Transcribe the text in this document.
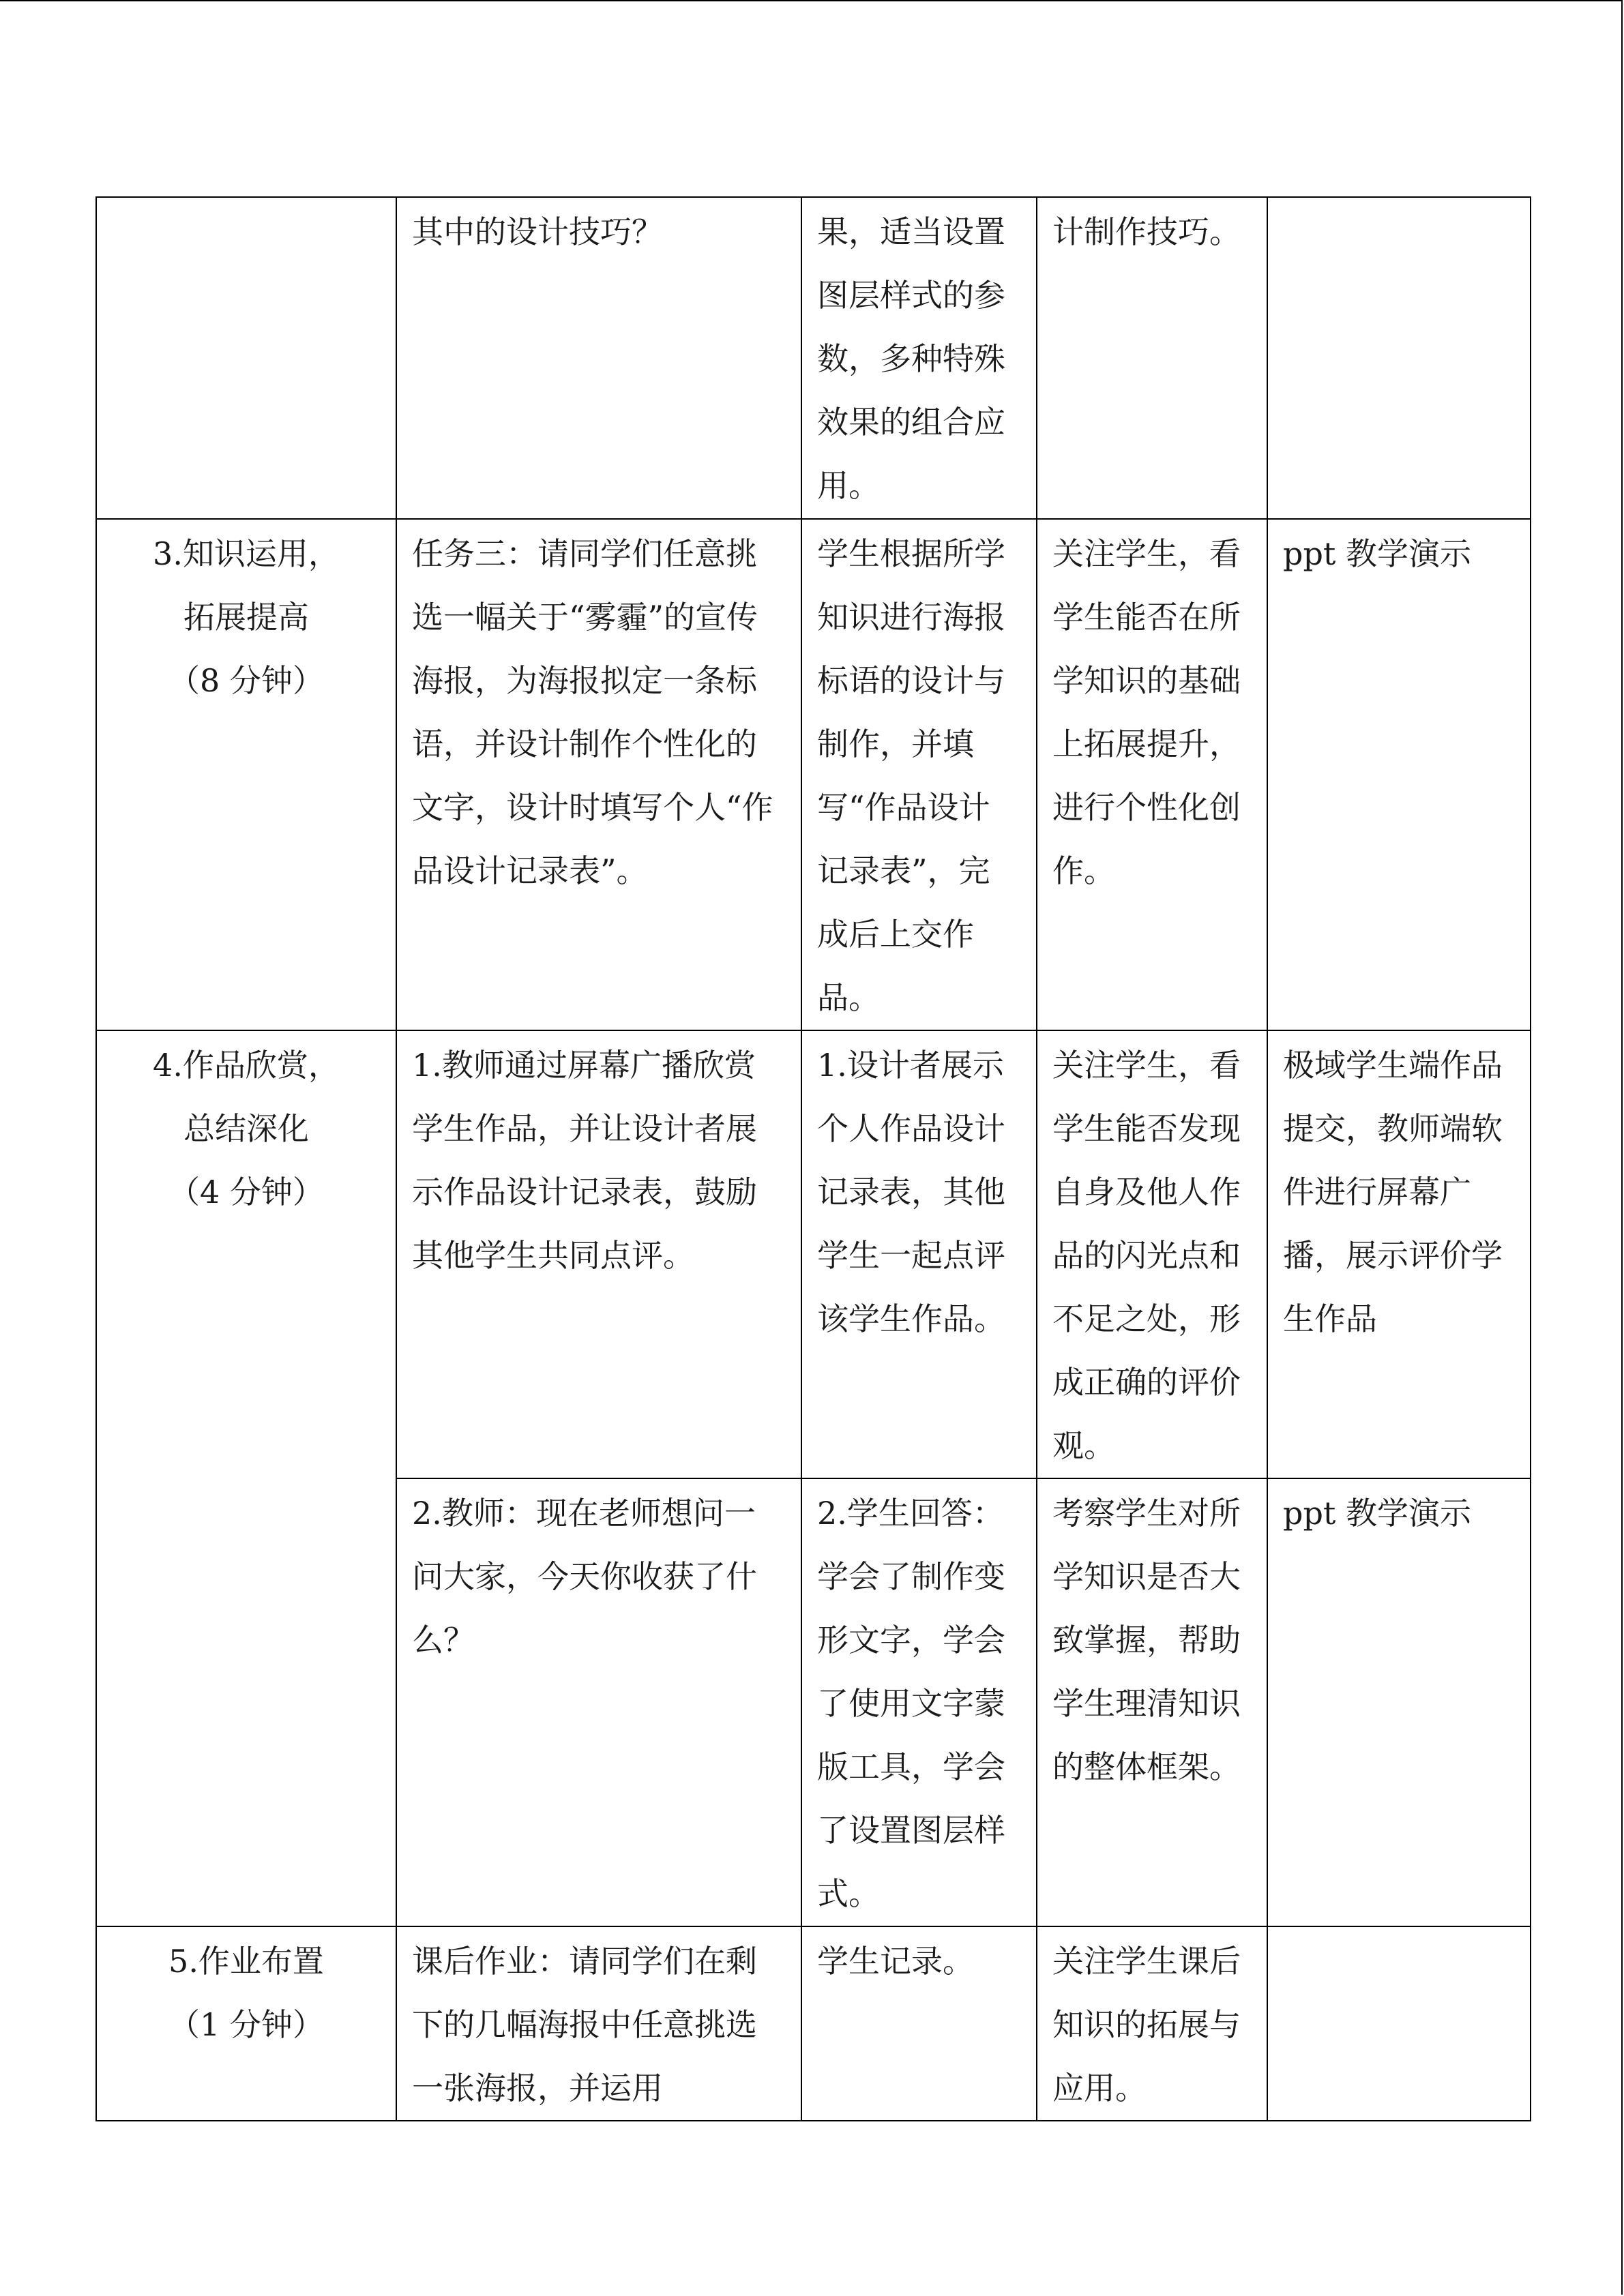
	其中的设计技巧？	果，适当设置图层样式的参数，多种特殊效果的组合应用。	计制作技巧。	

3.知识运用，
拓展提高
（8 分钟）	任务三：请同学们任意挑选一幅关于“雾霾”的宣传海报，为海报拟定一条标语，并设计制作个性化的文字，设计时填写个人“作品设计记录表”。	学生根据所学知识进行海报标语的设计与制作，并填写“作品设计记录表”，完成后上交作品。	关注学生，看学生能否在所学知识的基础上拓展提升，进行个性化创作。	ppt 教学演示

4.作品欣赏，
总结深化
（4 分钟）	1.教师通过屏幕广播欣赏学生作品，并让设计者展示作品设计记录表，鼓励其他学生共同点评。	1.设计者展示个人作品设计记录表，其他学生一起点评该学生作品。	关注学生，看学生能否发现自身及他人作品的闪光点和不足之处，形成正确的评价观。	极域学生端作品提交，教师端软件进行屏幕广播，展示评价学生作品
	2.教师：现在老师想问一问大家，今天你收获了什么？	2.学生回答：学会了制作变形文字，学会了使用文字蒙版工具，学会了设置图层样式。	考察学生对所学知识是否大致掌握，帮助学生理清知识的整体框架。	ppt 教学演示

5.作业布置
（1 分钟）	课后作业：请同学们在剩下的几幅海报中任意挑选一张海报，并运用	学生记录。	关注学生课后知识的拓展与应用。	
